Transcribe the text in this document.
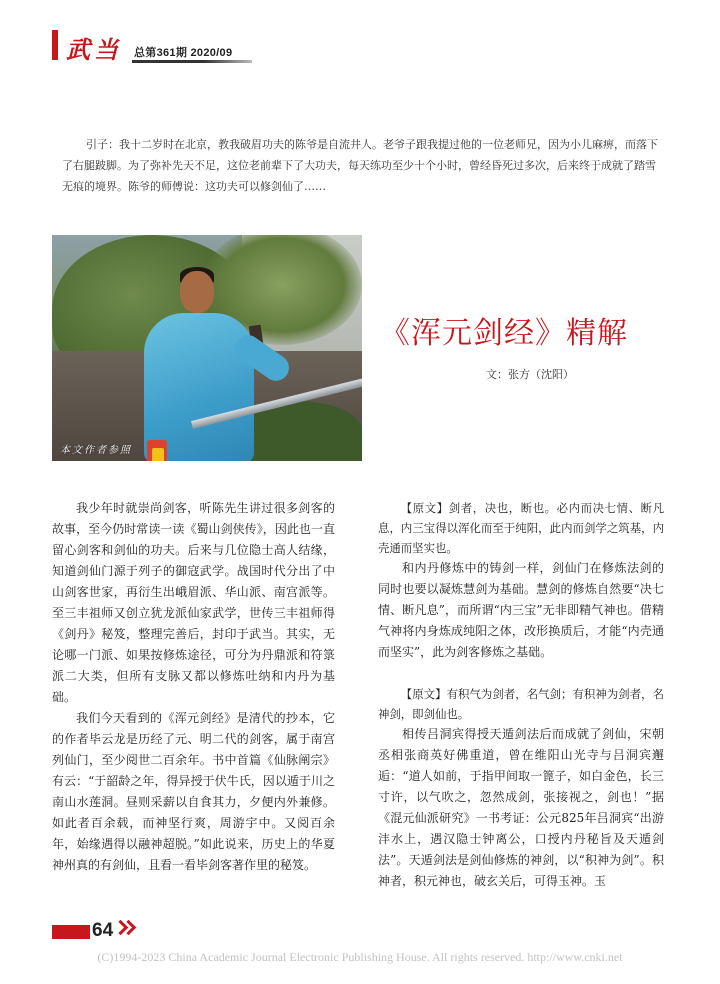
武当 总第361期 2020/09

引子：我十二岁时在北京，教我破眉功夫的陈爷是自流井人。老爷子跟我提过他的一位老师兄，因为小儿麻痹，而落下了右腿跛脚。为了弥补先天不足，这位老前辈下了大功夫，每天练功至少十个小时，曾经昏死过多次，后来终于成就了踏雪无痕的境界。陈爷的师傅说：这功夫可以修剑仙了……

本文作者参照
《浑元剑经》精解
文：张方（沈阳）

我少年时就崇尚剑客，听陈先生讲过很多剑客的故事，至今仍时常读一读《蜀山剑侠传》，因此也一直留心剑客和剑仙的功夫。后来与几位隐士高人结缘，知道剑仙门源于列子的御寇武学。战国时代分出了中山剑客世家，再衍生出峨眉派、华山派、南宫派等。至三丰祖师又创立犹龙派仙家武学，世传三丰祖师得《剑丹》秘笈，整理完善后，封印于武当。其实，无论哪一门派、如果按修炼途径，可分为丹鼎派和符箓派二大类，但所有支脉又都以修炼吐纳和内丹为基础。

我们今天看到的《浑元剑经》是清代的抄本，它的作者毕云龙是历经了元、明二代的剑客，属于南宫列仙门，至少阅世二百余年。书中首篇《仙脉阐宗》有云：“于韶龄之年，得异授于伏牛氏，因以遁于川之南山水莲洞。昼则采薪以自食其力，夕便内外兼修。如此者百余载，而神坚行爽，周游宇中。又阅百余年，始缘遇得以融神超脱。”如此说来，历史上的华夏神州真的有剑仙，且看一看毕剑客著作里的秘笈。

【原文】剑者，决也，断也。必内而决七情、断凡息，内三宝得以浑化而至于纯阳，此内而剑学之筑基，内壳通而坚实也。

和内丹修炼中的铸剑一样，剑仙门在修炼法剑的同时也要以凝炼慧剑为基础。慧剑的修炼自然要“决七情、断凡息”，而所谓“内三宝”无非即精气神也。借精气神将内身炼成纯阳之体，改形换质后，才能“内壳通而坚实”，此为剑客修炼之基础。

【原文】有积气为剑者，名气剑；有积神为剑者，名神剑，即剑仙也。

相传吕洞宾得授天遁剑法后而成就了剑仙，宋朝丞相张商英好佛重道，曾在维阳山光寺与吕洞宾邂逅：“道人如前，于指甲间取一篦子，如白金色，长三寸许，以气吹之，忽然成剑，张接视之，剑也！”据《混元仙派研究》一书考证：公元825年吕洞宾“出游沣水上，遇汉隐士钟离公，口授内丹秘旨及天遁剑法”。天遁剑法是剑仙修炼的神剑，以“积神为剑”。积神者，积元神也，破玄关后，可得玉神。玉

64
(C)1994-2023 China Academic Journal Electronic Publishing House. All rights reserved. http://www.cnki.net
